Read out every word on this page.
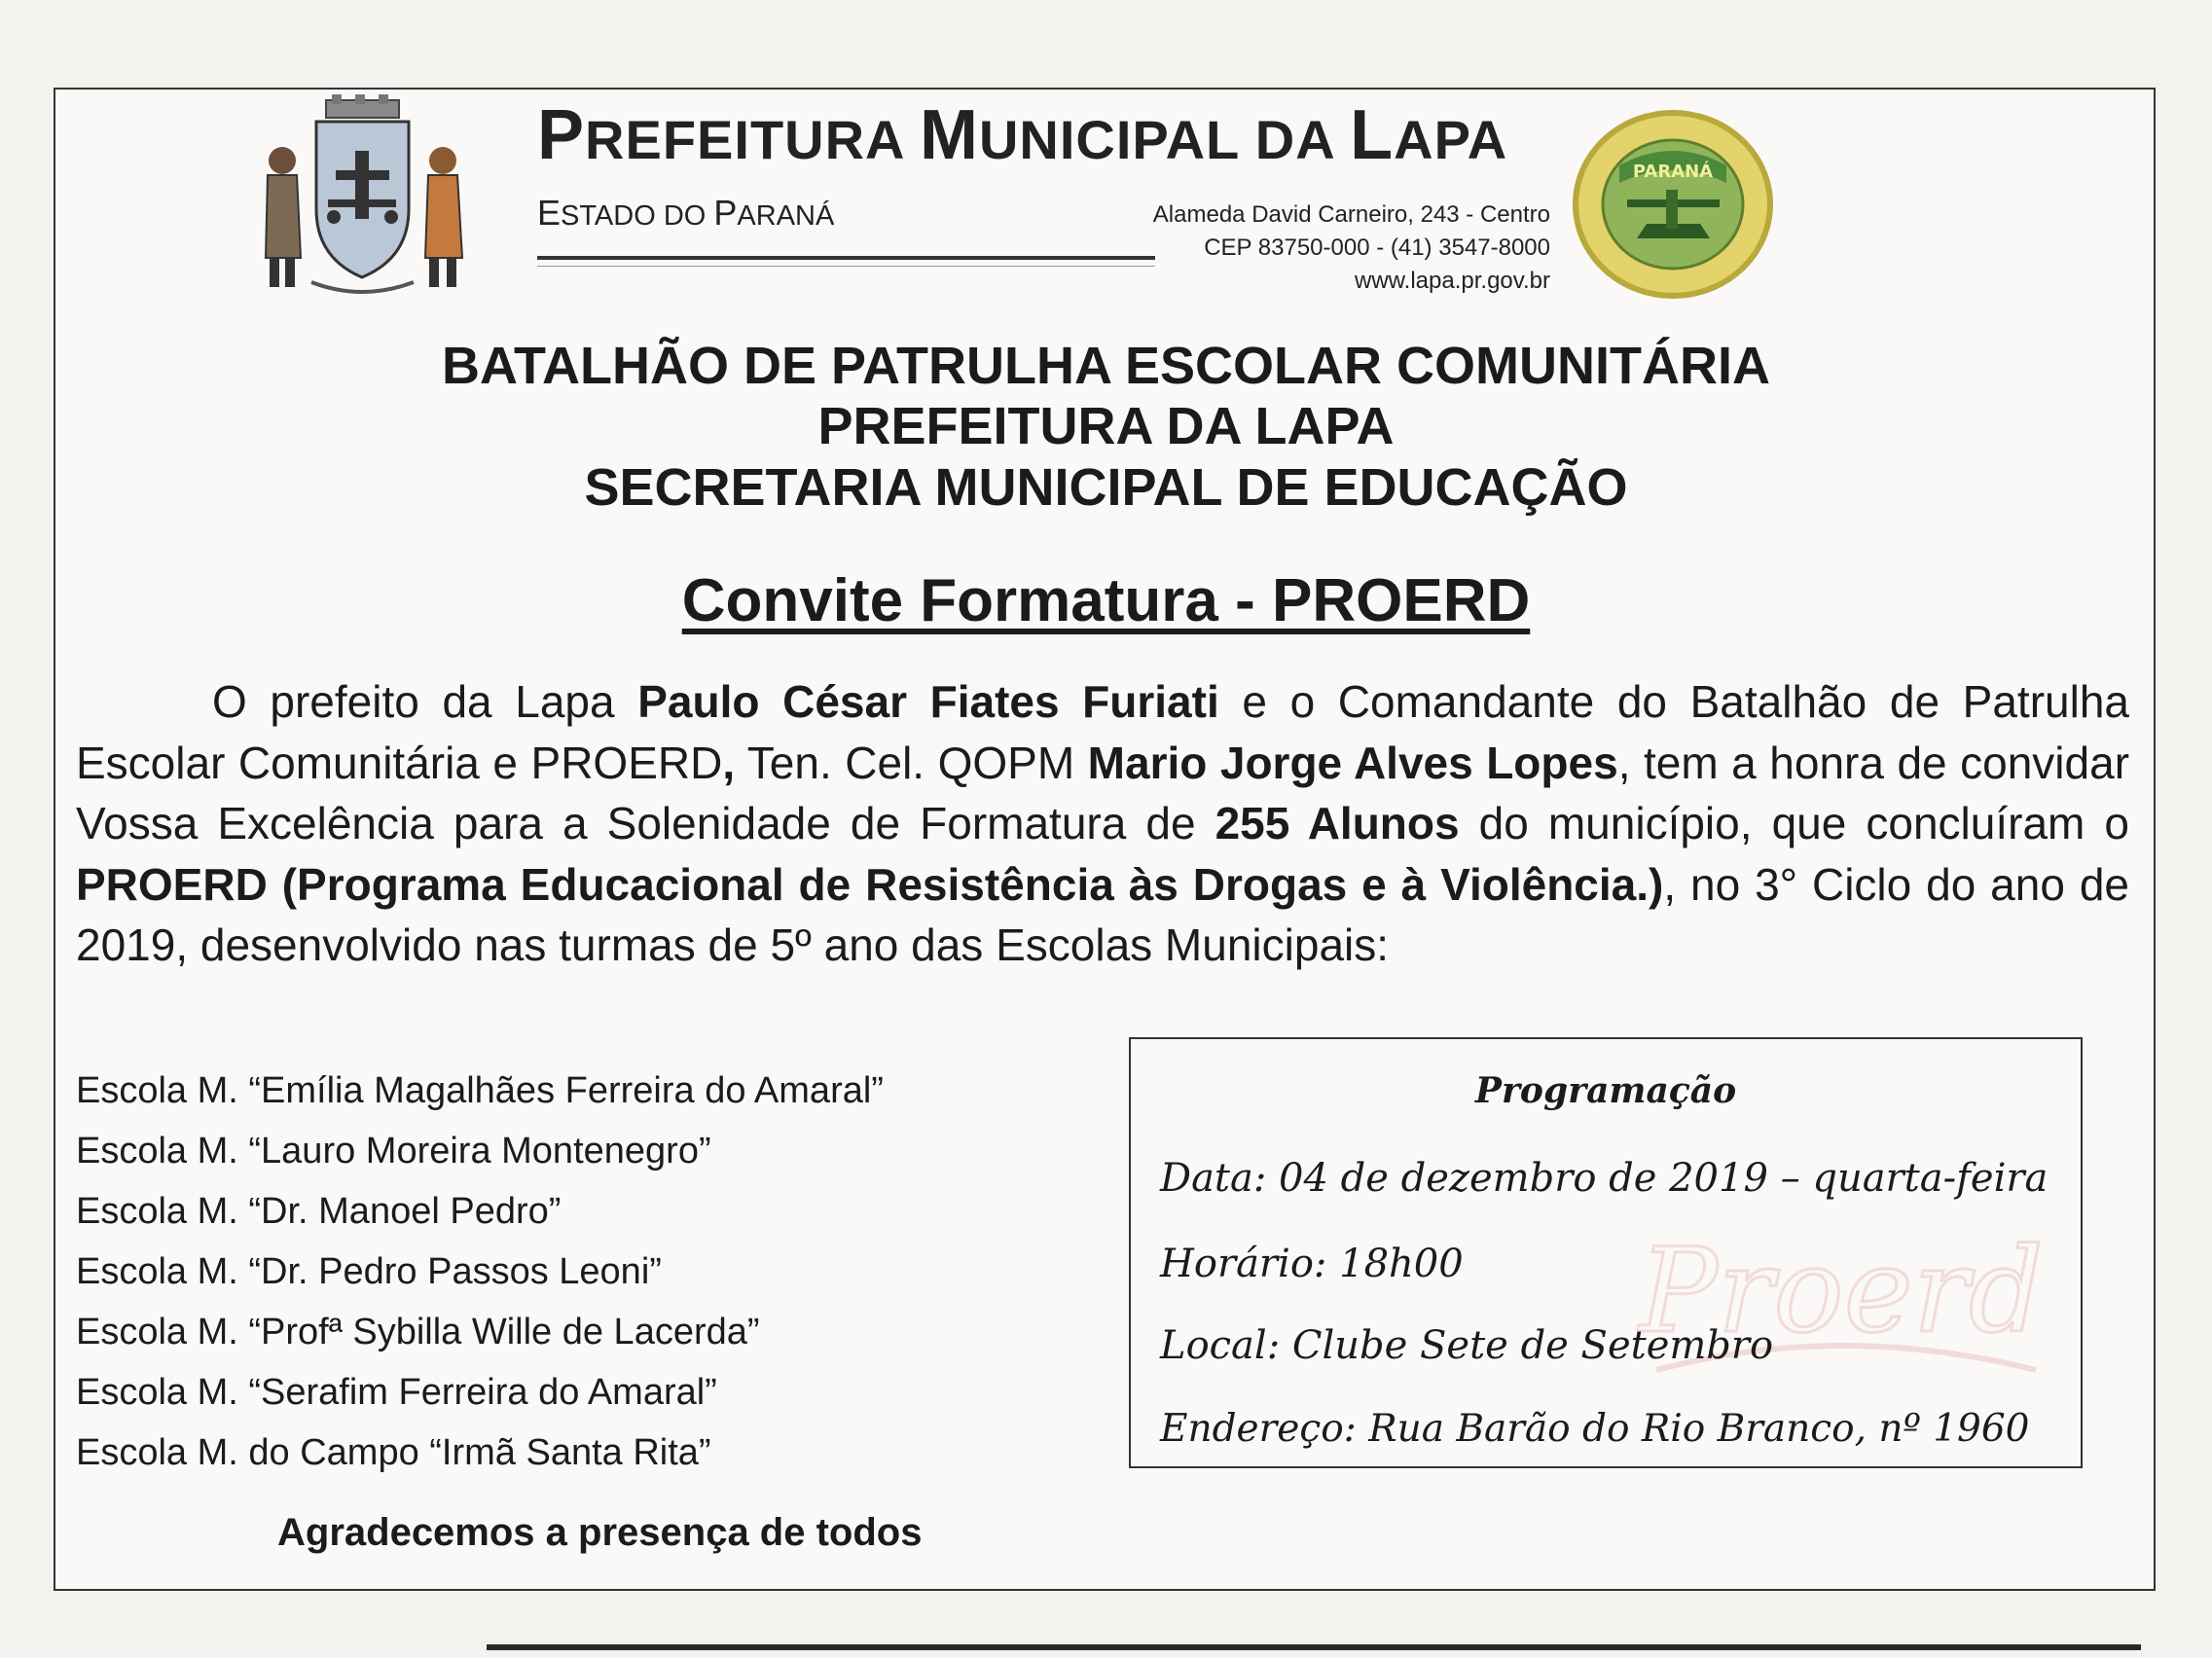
PREFEITURA MUNICIPAL DA LAPA
ESTADO DO PARANÁ	Alameda David Carneiro, 243 - Centro
CEP 83750-000 - (41) 3547-8000
www.lapa.pr.gov.br
PARANÁ
BATALHÃO DE PATRULHA ESCOLAR COMUNITÁRIA
PREFEITURA DA LAPA
SECRETARIA MUNICIPAL DE EDUCAÇÃO
Convite Formatura - PROERD
O prefeito da Lapa Paulo César Fiates Furiati e o Comandante do Batalhão de Patrulha Escolar Comunitária e PROERD, Ten. Cel. QOPM Mario Jorge Alves Lopes, tem a honra de convidar Vossa Excelência para a Solenidade de Formatura de 255 Alunos do município, que concluíram o PROERD (Programa Educacional de Resistência às Drogas e à Violência.), no 3° Ciclo do ano de 2019, desenvolvido nas turmas de 5º ano das Escolas Municipais:
Escola M. “Emília Magalhães Ferreira do Amaral”
Escola M. “Lauro Moreira Montenegro”
Escola M. “Dr. Manoel Pedro”
Escola M. “Dr. Pedro Passos Leoni”
Escola M. “Profª Sybilla Wille de Lacerda”
Escola M. “Serafim Ferreira do Amaral”
Escola M. do Campo “Irmã Santa Rita”
Agradecemos a presença de todos
Proerd
Programação
Data: 04 de dezembro de 2019 – quarta-feira
Horário: 18h00
Local: Clube Sete de Setembro
Endereço: Rua Barão do Rio Branco, nº 1960
